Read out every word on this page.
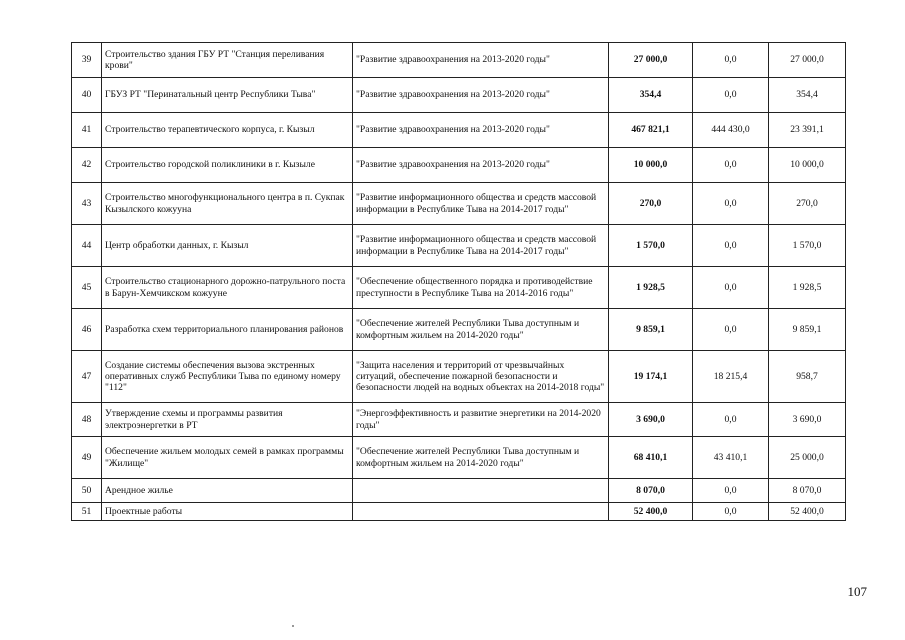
39	Строительство здания ГБУ РТ "Станция переливания крови"	"Развитие здравоохранения на 2013-2020 годы"	27 000,0	0,0	27 000,0
40	ГБУЗ РТ "Перинатальный центр Республики Тыва"	"Развитие здравоохранения на 2013-2020 годы"	354,4	0,0	354,4
41	Строительство терапевтического корпуса, г. Кызыл	"Развитие здравоохранения на 2013-2020 годы"	467 821,1	444 430,0	23 391,1
42	Строительство городской поликлиники в г. Кызыле	"Развитие здравоохранения на 2013-2020 годы"	10 000,0	0,0	10 000,0
43	Строительство многофункционального центра в п. Сукпак Кызылского кожууна	"Развитие информационного общества и средств массовой информации в Республике Тыва на 2014-2017 годы"	270,0	0,0	270,0
44	Центр обработки данных, г. Кызыл	"Развитие информационного общества и средств массовой информации в Республике Тыва на 2014-2017 годы"	1 570,0	0,0	1 570,0
45	Строительство стационарного дорожно-патрульного поста в Барун-Хемчикском кожууне	"Обеспечение общественного порядка и противодействие преступности в Республике Тыва на 2014-2016 годы"	1 928,5	0,0	1 928,5
46	Разработка схем территориального планирования районов	"Обеспечение жителей Республики Тыва доступным и комфортным жильем на 2014-2020 годы"	9 859,1	0,0	9 859,1
47	Создание системы обеспечения вызова экстренных оперативных служб Республики Тыва по единому номеру "112"	"Защита населения и территорий от чрезвычайных ситуаций, обеспечение пожарной безопасности и безопасности людей на водных объектах на 2014-2018 годы"	19 174,1	18 215,4	958,7
48	Утверждение схемы и программы развития электроэнергетки в РТ	"Энергоэффективность и развитие энергетики на 2014-2020 годы"	3 690,0	0,0	3 690,0
49	Обеспечение жильем молодых семей в рамках программы "Жилище"	"Обеспечение жителей Республики Тыва доступным и комфортным жильем на 2014-2020 годы"	68 410,1	43 410,1	25 000,0
50	Арендное жилье		8 070,0	0,0	8 070,0
51	Проектные работы		52 400,0	0,0	52 400,0
107
